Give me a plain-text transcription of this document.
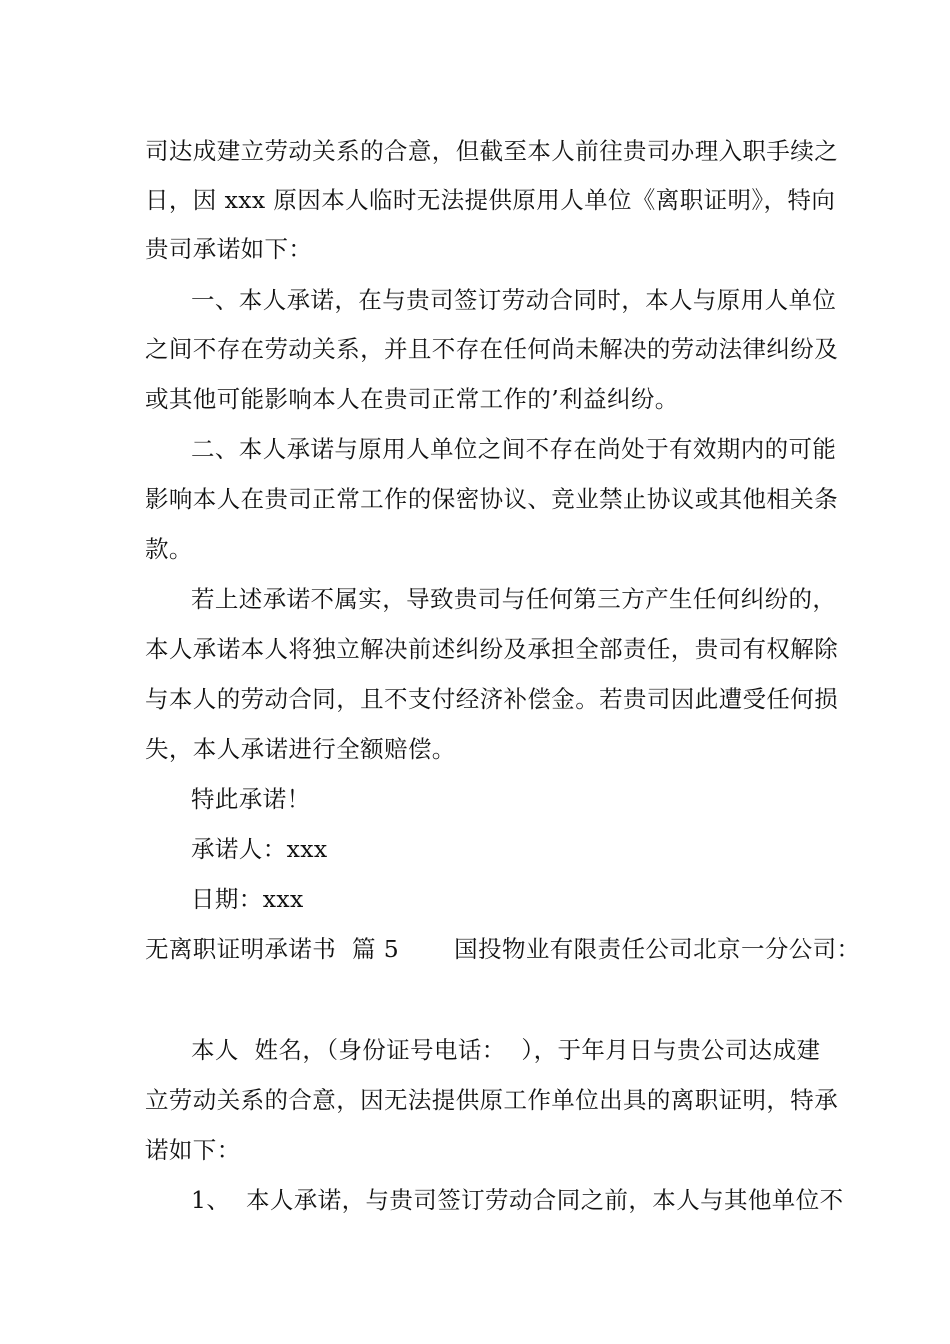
司达成建立劳动关系的合意，但截至本人前往贵司办理入职手续之
日，因 xxx 原因本人临时无法提供原用人单位《离职证明》，特向
贵司承诺如下：
一、本人承诺，在与贵司签订劳动合同时，本人与原用人单位
之间不存在劳动关系，并且不存在任何尚未解决的劳动法律纠纷及
或其他可能影响本人在贵司正常工作的’利益纠纷。
二、本人承诺与原用人单位之间不存在尚处于有效期内的可能
影响本人在贵司正常工作的保密协议、竞业禁止协议或其他相关条
款。
若上述承诺不属实，导致贵司与任何第三方产生任何纠纷的，
本人承诺本人将独立解决前述纠纷及承担全部责任，贵司有权解除
与本人的劳动合同，且不支付经济补偿金。若贵司因此遭受任何损
失，本人承诺进行全额赔偿。
特此承诺！
承诺人：xxx
日期：xxx
无离职证明承诺书  篇 5       国投物业有限责任公司北京一分公司：
本人  姓名，（身份证号电话：  ），于年月日与贵公司达成建
立劳动关系的合意，因无法提供原工作单位出具的离职证明，特承
诺如下：
1、  本人承诺，与贵司签订劳动合同之前，本人与其他单位不
